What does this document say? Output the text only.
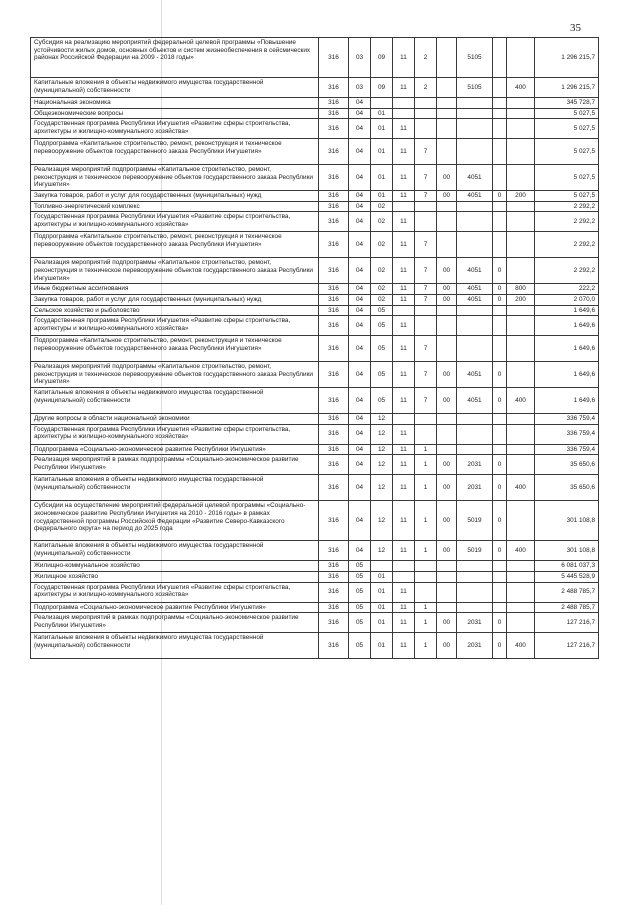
35
Субсидия на реализацию мероприятий федеральной целевой программы «Повышение устойчивости жилых домов, основных объектов и систем жизнеобеспечения в сейсмических районах Российской Федерации на 2009 - 2018 годы»	316	03	09	11	2		5105			1 296 215,7
Капитальные вложения в объекты недвижимого имущества государственной (муниципальной) собственности	316	03	09	11	2		5105		400	1 296 215,7
Национальная экономика	316	04								345 728,7
Общеэкономические вопросы	316	04	01							5 027,5
Государственная программа Республики Ингушетия «Развитие сферы строительства, архитектуры и жилищно-коммунального хозяйства»	316	04	01	11						5 027,5
Подпрограмма «Капитальное строительство, ремонт, реконструкция и техническое перевооружение объектов государственного заказа Республики Ингушетия»	316	04	01	11	7					5 027,5
Реализация мероприятий подпрограммы «Капитальное строительство, ремонт, реконструкция и техническое перевооружение объектов государственного заказа Республики Ингушетия»	316	04	01	11	7	00	4051			5 027,5
Закупка товаров, работ и услуг для государственных (муниципальных) нужд	316	04	01	11	7	00	4051	0	200	5 027,5
Топливно-энергетический комплекс	316	04	02							2 292,2
Государственная программа Республики Ингушетия «Развитие сферы строительства, архитектуры и жилищно-коммунального хозяйства»	316	04	02	11						2 292,2
Подпрограмма «Капитальное строительство, ремонт, реконструкция и техническое перевооружение объектов государственного заказа Республики Ингушетия»	316	04	02	11	7					2 292,2
Реализация мероприятий подпрограммы «Капитальное строительство, ремонт, реконструкция и техническое перевооружение объектов государственного заказа Республики Ингушетия»	316	04	02	11	7	00	4051	0		2 292,2
Иные бюджетные ассигнования	316	04	02	11	7	00	4051	0	800	222,2
Закупка товаров, работ и услуг для государственных (муниципальных) нужд	316	04	02	11	7	00	4051	0	200	2 070,0
Сельское хозяйство и рыболовство	316	04	05							1 649,6
Государственная программа Республики Ингушетия «Развитие сферы строительства, архитектуры и жилищно-коммунального хозяйства»	316	04	05	11						1 649,6
Подпрограмма «Капитальное строительство, ремонт, реконструкция и техническое перевооружение объектов государственного заказа Республики Ингушетия»	316	04	05	11	7					1 649,6
Реализация мероприятий подпрограммы «Капитальное строительство, ремонт, реконструкция и техническое перевооружение объектов государственного заказа Республики Ингушетия»	316	04	05	11	7	00	4051	0		1 649,6
Капитальные вложения в объекты недвижимого имущества государственной (муниципальной) собственности	316	04	05	11	7	00	4051	0	400	1 649,6
Другие вопросы в области национальной экономики	316	04	12							336 759,4
Государственная программа Республики Ингушетия «Развитие сферы строительства, архитектуры и жилищно-коммунального хозяйства»	316	04	12	11						336 759,4
Подпрограмма «Социально-экономическое развитие Республики Ингушетия»	316	04	12	11	1					336 759,4
Реализация мероприятий в рамках подпрограммы «Социально-экономическое развитие Республики Ингушетия»	316	04	12	11	1	00	2031	0		35 650,6
Капитальные вложения в объекты недвижимого имущества государственной (муниципальной) собственности	316	04	12	11	1	00	2031	0	400	35 650,6
Субсидии на осуществление мероприятий федеральной целевой программы «Социально-экономическое развитие Республики Ингушетия на 2010 - 2016 годы» в рамках государственной программы Российской Федерации «Развитие Северо-Кавказского федерального округа» на период до 2025 года	316	04	12	11	1	00	5019	0		301 108,8
Капитальные вложения в объекты недвижимого имущества государственной (муниципальной) собственности	316	04	12	11	1	00	5019	0	400	301 108,8
Жилищно-коммунальное хозяйство	316	05								6 081 037,3
Жилищное хозяйство	316	05	01							5 445 528,9
Государственная программа Республики Ингушетия «Развитие сферы строительства, архитектуры и жилищно-коммунального хозяйства»	316	05	01	11						2 488 785,7
Подпрограмма «Социально-экономическое развитие Республики Ингушетия»	316	05	01	11	1					2 488 785,7
Реализация мероприятий в рамках подпрограммы «Социально-экономическое развитие Республики Ингушетия»	316	05	01	11	1	00	2031	0		127 216,7
Капитальные вложения в объекты недвижимого имущества государственной (муниципальной) собственности	316	05	01	11	1	00	2031	0	400	127 216,7
